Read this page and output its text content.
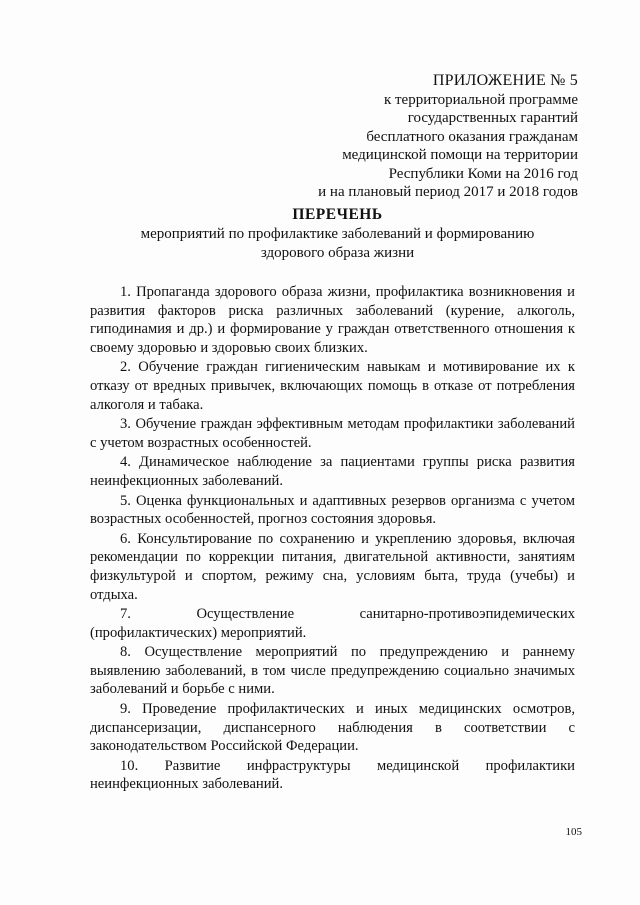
ПРИЛОЖЕНИЕ № 5
к территориальной программе
государственных гарантий
бесплатного оказания гражданам
медицинской помощи на территории
Республики Коми на 2016 год
и на плановый период 2017 и 2018 годов
ПЕРЕЧЕНЬ
мероприятий по профилактике заболеваний и формированию
здорового образа жизни

1. Пропаганда здорового образа жизни, профилактика возникновения и развития факторов риска различных заболеваний (курение, алкоголь, гиподинамия и др.) и формирование у граждан ответственного отношения к своему здоровью и здоровью своих близких.

2. Обучение граждан гигиеническим навыкам и мотивирование их к отказу от вредных привычек, включающих помощь в отказе от потребления алкоголя и табака.

3. Обучение граждан эффективным методам профилактики заболеваний с учетом возрастных особенностей.

4. Динамическое наблюдение за пациентами группы риска развития неинфекционных заболеваний.

5. Оценка функциональных и адаптивных резервов организма с учетом возрастных особенностей, прогноз состояния здоровья.

6. Консультирование по сохранению и укреплению здоровья, включая рекомендации по коррекции питания, двигательной активности, занятиям физкультурой и спортом, режиму сна, условиям быта, труда (учебы) и отдыха.

7. Осуществление санитарно-противоэпидемических (профилактических) мероприятий.

8. Осуществление мероприятий по предупреждению и раннему выявлению заболеваний, в том числе предупреждению социально значимых заболеваний и борьбе с ними.

9. Проведение профилактических и иных медицинских осмотров, диспансеризации, диспансерного наблюдения в соответствии с законодательством Российской Федерации.

10. Развитие инфраструктуры медицинской профилактики неинфекционных заболеваний.

105
